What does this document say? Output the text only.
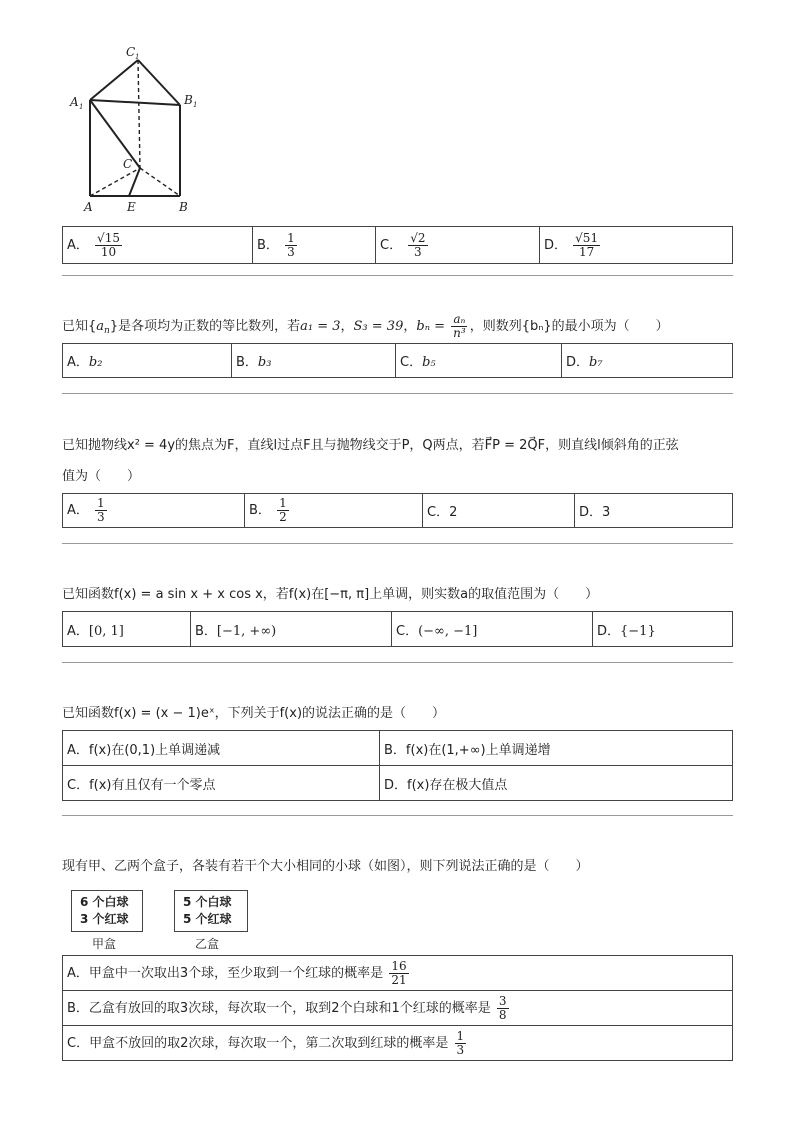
C 1
A 1	B 1
C
A	E	B
A． $\frac{√15}{10}$	B． $\frac{1}{3}$	C． $\frac{√2}{3}$	D． $\frac{√51}{17}$
已知$\{a_n\}$是各项均为正数的等比数列，若a₁ = 3，S₃ = 39，$b_n = \frac{\text{aₙ}}{\text{n³}}$ ，则数列{bₙ}的最小项为（　　）
A．b₂	B．b₃	C．b₅	D．b₇
已知抛物线x² = 4y的焦点为F，直线l过点F且与抛物线交于P，Q两点，若F⃗P = 2Q⃗F，则直线l倾斜角的正弦
值为（　　）
A． $\frac{1}{3}$	B． $\frac{1}{2}$	C．2	D．3
已知函数f(x) = a sin x + x cos x，若f(x)在[−π, π]上单调，则实数a的取值范围为（　　）
A．[0, 1]	B．[−1, +∞)	C．(−∞, −1]	D．{−1}
已知函数f(x) = (x − 1)eˣ，下列关于f(x)的说法正确的是（　　）
A．f(x)在(0,1)上单调递减	B．f(x)在(1,+∞)上单调递增
C．f(x)有且仅有一个零点	D．f(x)存在极大值点
现有甲、乙两个盒子，各装有若干个大小相同的小球（如图），则下列说法正确的是（　　）
6 个白球
3 个红球
甲盒
5 个白球
5 个红球
乙盒
A．甲盒中一次取出3个球，至少取到一个红球的概率是 $\frac{16}{21}$

B．乙盒有放回的取3次球，每次取一个，取到2个白球和1个红球的概率是 $\frac{3}{8}$

C．甲盒不放回的取2次球，每次取一个，第二次取到红球的概率是 $\frac{1}{3}$
